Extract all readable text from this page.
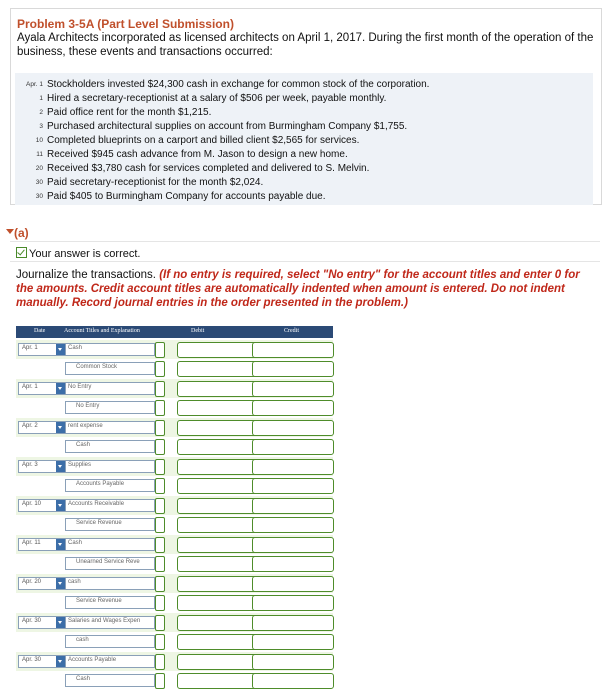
Problem 3-5A (Part Level Submission)
Ayala Architects incorporated as licensed architects on April 1, 2017. During the first month of the operation of the business, these events and transactions occurred:
Apr. 1 Stockholders invested $24,300 cash in exchange for common stock of the corporation.
1 Hired a secretary-receptionist at a salary of $506 per week, payable monthly.
2 Paid office rent for the month $1,215.
3 Purchased architectural supplies on account from Burmingham Company $1,755.
10 Completed blueprints on a carport and billed client $2,565 for services.
11 Received $945 cash advance from M. Jason to design a new home.
20 Received $3,780 cash for services completed and delivered to S. Melvin.
30 Paid secretary-receptionist for the month $2,024.
30 Paid $405 to Burmingham Company for accounts payable due.
(a)
Your answer is correct.
Journalize the transactions. (If no entry is required, select "No entry" for the account titles and enter 0 for the amounts. Credit account titles are automatically indented when amount is entered. Do not indent manually. Record journal entries in the order presented in the problem.)
Date	Account Titles and Explanation	Debit	Credit
Apr. 1	Cash
Common Stock
Apr. 1	No Entry
No Entry
Apr. 2	rent expense
Cash
Apr. 3	Supplies
Accounts Payable
Apr. 10	Accounts Receivable
Service Revenue
Apr. 11	Cash
Unearned Service Reve
Apr. 20	cash
Service Revenue
Apr. 30	Salaries and Wages Expen
cash
Apr. 30	Accounts Payable
Cash
